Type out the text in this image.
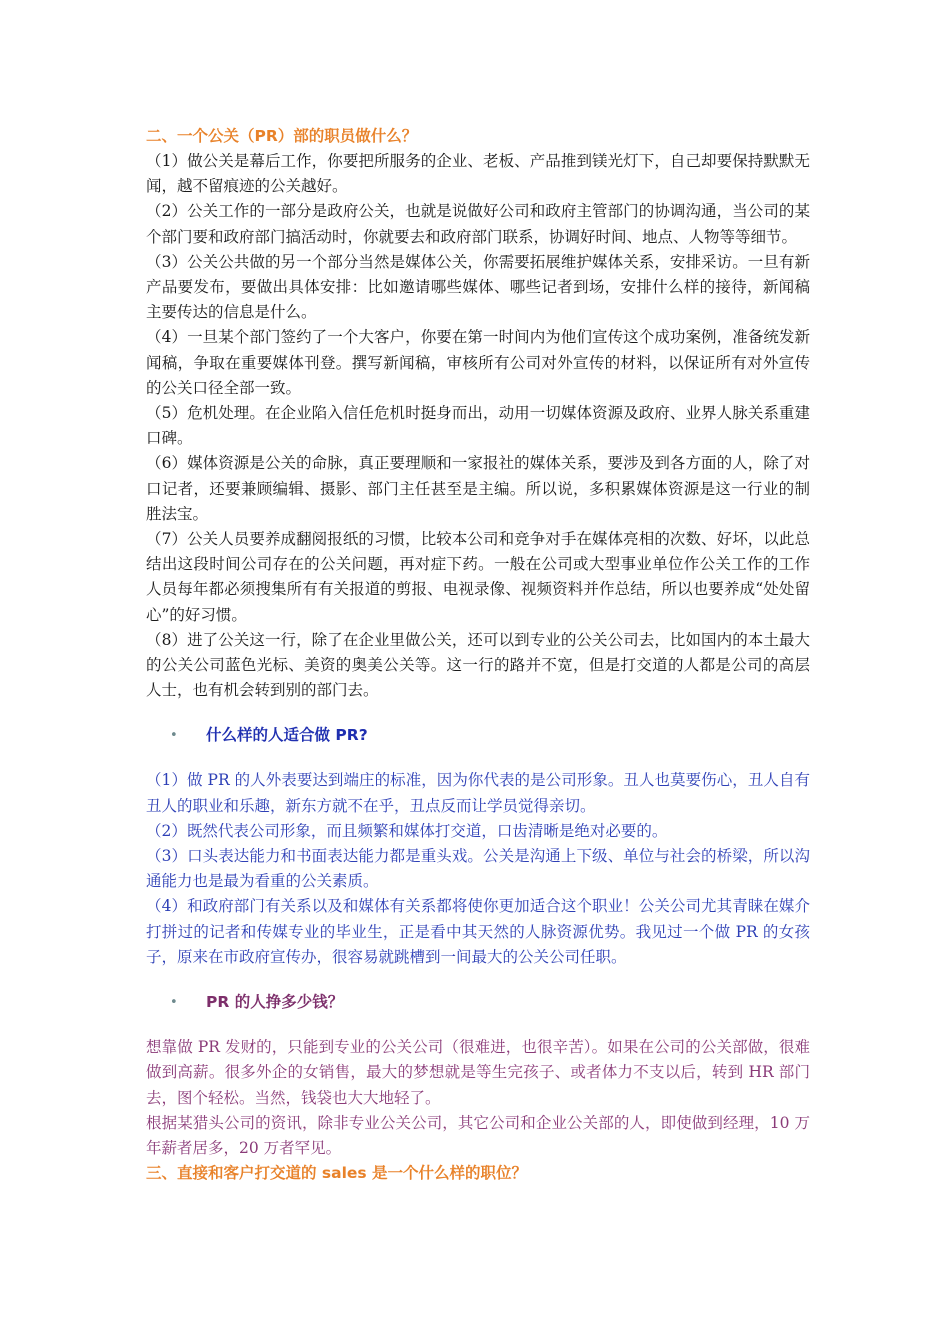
二、一个公关（PR）部的职员做什么？

（1）做公关是幕后工作，你要把所服务的企业、老板、产品推到镁光灯下，自己却要保持默默无闻，越不留痕迹的公关越好。

（2）公关工作的一部分是政府公关，也就是说做好公司和政府主管部门的协调沟通，当公司的某个部门要和政府部门搞活动时，你就要去和政府部门联系，协调好时间、地点、人物等等细节。

（3）公关公共做的另一个部分当然是媒体公关，你需要拓展维护媒体关系，安排采访。一旦有新产品要发布，要做出具体安排：比如邀请哪些媒体、哪些记者到场，安排什么样的接待，新闻稿主要传达的信息是什么。

（4）一旦某个部门签约了一个大客户，你要在第一时间内为他们宣传这个成功案例，准备统发新闻稿，争取在重要媒体刊登。撰写新闻稿，审核所有公司对外宣传的材料，以保证所有对外宣传的公关口径全部一致。

（5）危机处理。在企业陷入信任危机时挺身而出，动用一切媒体资源及政府、业界人脉关系重建口碑。

（6）媒体资源是公关的命脉，真正要理顺和一家报社的媒体关系，要涉及到各方面的人，除了对口记者，还要兼顾编辑、摄影、部门主任甚至是主编。所以说，多积累媒体资源是这一行业的制胜法宝。

（7）公关人员要养成翻阅报纸的习惯，比较本公司和竞争对手在媒体亮相的次数、好坏，以此总结出这段时间公司存在的公关问题，再对症下药。一般在公司或大型事业单位作公关工作的工作人员每年都必须搜集所有有关报道的剪报、电视录像、视频资料并作总结，所以也要养成“处处留心”的好习惯。

（8）进了公关这一行，除了在企业里做公关，还可以到专业的公关公司去，比如国内的本土最大的公关公司蓝色光标、美资的奥美公关等。这一行的路并不宽，但是打交道的人都是公司的高层人士，也有机会转到别的部门去。

• 什么样的人适合做 PR?

（1）做 PR 的人外表要达到端庄的标准，因为你代表的是公司形象。丑人也莫要伤心，丑人自有丑人的职业和乐趣，新东方就不在乎，丑点反而让学员觉得亲切。

（2）既然代表公司形象，而且频繁和媒体打交道，口齿清晰是绝对必要的。

（3）口头表达能力和书面表达能力都是重头戏。公关是沟通上下级、单位与社会的桥梁，所以沟通能力也是最为看重的公关素质。

（4）和政府部门有关系以及和媒体有关系都将使你更加适合这个职业！公关公司尤其青睐在媒介打拼过的记者和传媒专业的毕业生，正是看中其天然的人脉资源优势。我见过一个做 PR 的女孩子，原来在市政府宣传办，很容易就跳槽到一间最大的公关公司任职。

• PR 的人挣多少钱？

想靠做 PR 发财的，只能到专业的公关公司（很难进，也很辛苦）。如果在公司的公关部做，很难做到高薪。很多外企的女销售，最大的梦想就是等生完孩子、或者体力不支以后，转到 HR 部门去，图个轻松。当然，钱袋也大大地轻了。

根据某猎头公司的资讯，除非专业公关公司，其它公司和企业公关部的人，即使做到经理，10 万年薪者居多，20 万者罕见。

三、直接和客户打交道的 sales 是一个什么样的职位？
